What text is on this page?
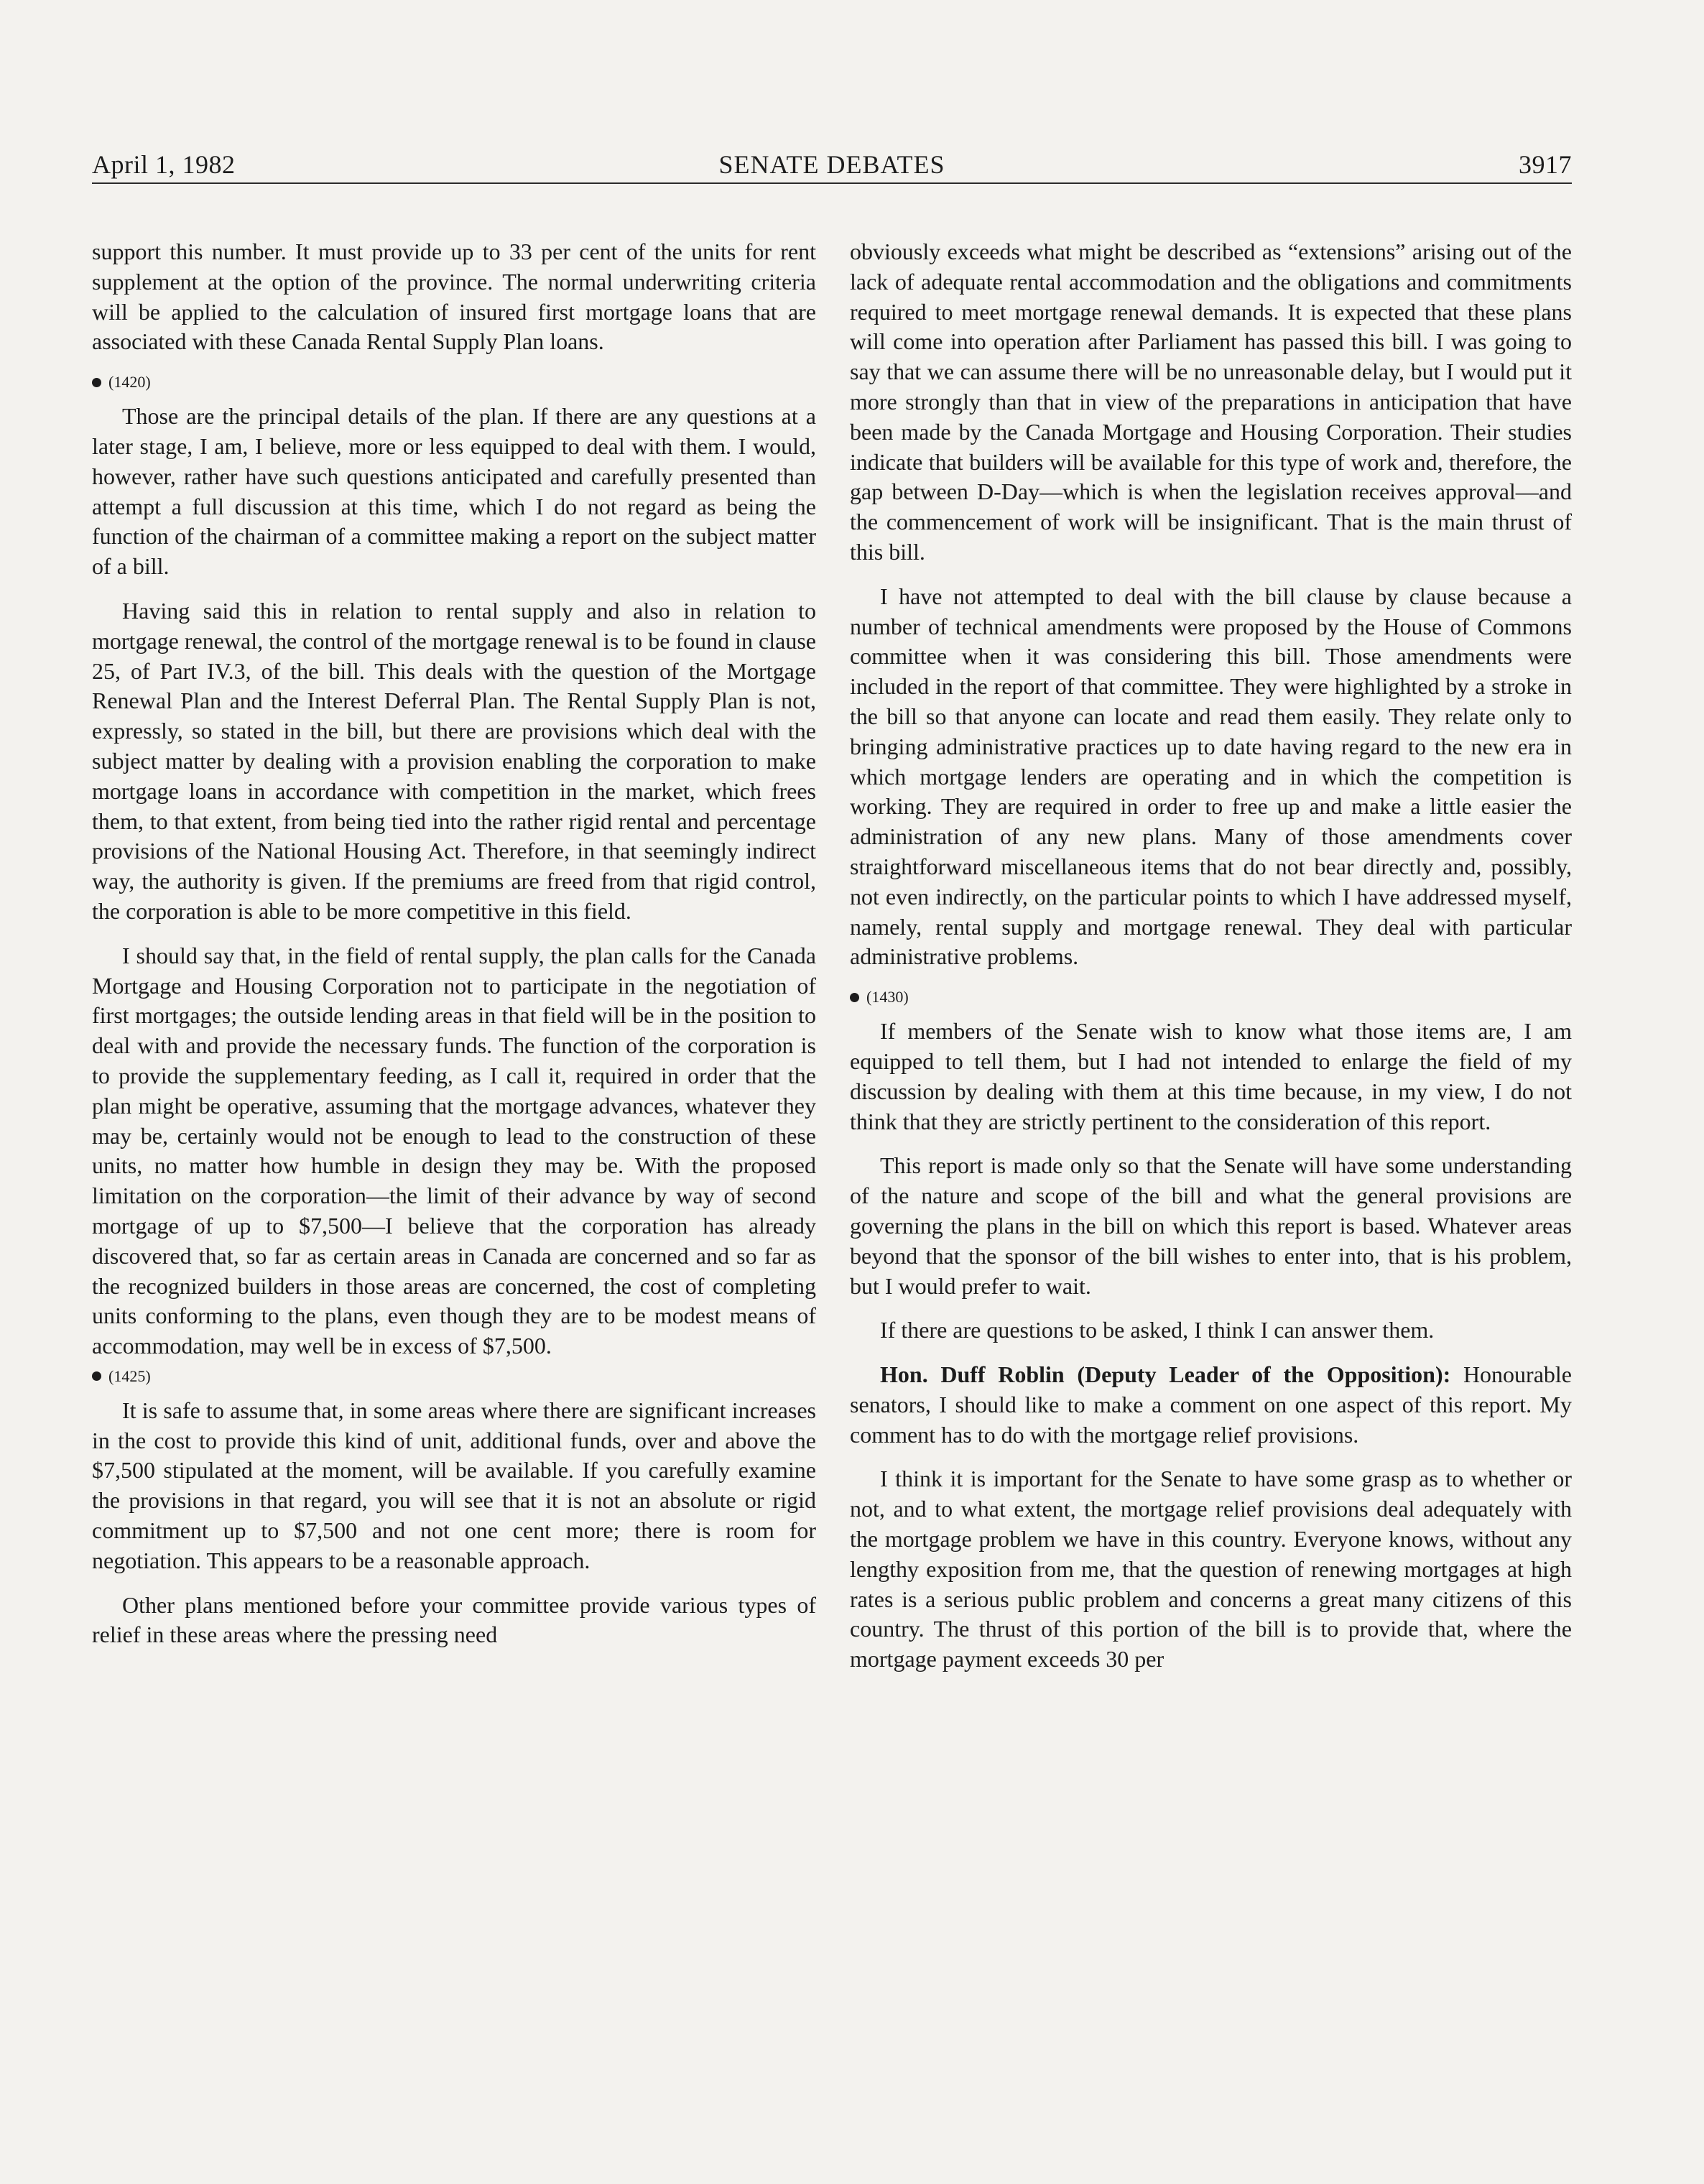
April 1, 1982	SENATE DEBATES	3917

support this number. It must provide up to 33 per cent of the units for rent supplement at the option of the province. The normal underwriting criteria will be applied to the calculation of insured first mortgage loans that are associated with these Canada Rental Supply Plan loans.

(1420)

Those are the principal details of the plan. If there are any questions at a later stage, I am, I believe, more or less equipped to deal with them. I would, however, rather have such questions anticipated and carefully presented than attempt a full discussion at this time, which I do not regard as being the function of the chairman of a committee making a report on the subject matter of a bill.

Having said this in relation to rental supply and also in relation to mortgage renewal, the control of the mortgage renewal is to be found in clause 25, of Part IV.3, of the bill. This deals with the question of the Mortgage Renewal Plan and the Interest Deferral Plan. The Rental Supply Plan is not, expressly, so stated in the bill, but there are provisions which deal with the subject matter by dealing with a provision enabling the corporation to make mortgage loans in accordance with competition in the market, which frees them, to that extent, from being tied into the rather rigid rental and percentage provisions of the National Housing Act. Therefore, in that seemingly indirect way, the authority is given. If the premiums are freed from that rigid control, the corporation is able to be more competitive in this field.

I should say that, in the field of rental supply, the plan calls for the Canada Mortgage and Housing Corporation not to participate in the negotiation of first mortgages; the outside lending areas in that field will be in the position to deal with and provide the necessary funds. The function of the corporation is to provide the supplementary feeding, as I call it, required in order that the plan might be operative, assuming that the mortgage advances, whatever they may be, certainly would not be enough to lead to the construction of these units, no matter how humble in design they may be. With the proposed limitation on the corporation—the limit of their advance by way of second mortgage of up to $7,500—I believe that the corporation has already discovered that, so far as certain areas in Canada are concerned and so far as the recognized builders in those areas are concerned, the cost of completing units conforming to the plans, even though they are to be modest means of accommodation, may well be in excess of $7,500.

(1425)

It is safe to assume that, in some areas where there are significant increases in the cost to provide this kind of unit, additional funds, over and above the $7,500 stipulated at the moment, will be available. If you carefully examine the provisions in that regard, you will see that it is not an absolute or rigid commitment up to $7,500 and not one cent more; there is room for negotiation. This appears to be a reasonable approach.

Other plans mentioned before your committee provide various types of relief in these areas where the pressing need

obviously exceeds what might be described as “extensions” arising out of the lack of adequate rental accommodation and the obligations and commitments required to meet mortgage renewal demands. It is expected that these plans will come into operation after Parliament has passed this bill. I was going to say that we can assume there will be no unreasonable delay, but I would put it more strongly than that in view of the preparations in anticipation that have been made by the Canada Mortgage and Housing Corporation. Their studies indicate that builders will be available for this type of work and, therefore, the gap between D-Day—which is when the legislation receives approval—and the commencement of work will be insignificant. That is the main thrust of this bill.

I have not attempted to deal with the bill clause by clause because a number of technical amendments were proposed by the House of Commons committee when it was considering this bill. Those amendments were included in the report of that committee. They were highlighted by a stroke in the bill so that anyone can locate and read them easily. They relate only to bringing administrative practices up to date having regard to the new era in which mortgage lenders are operating and in which the competition is working. They are required in order to free up and make a little easier the administration of any new plans. Many of those amendments cover straightforward miscellaneous items that do not bear directly and, possibly, not even indirectly, on the particular points to which I have addressed myself, namely, rental supply and mortgage renewal. They deal with particular administrative problems.

(1430)

If members of the Senate wish to know what those items are, I am equipped to tell them, but I had not intended to enlarge the field of my discussion by dealing with them at this time because, in my view, I do not think that they are strictly pertinent to the consideration of this report.

This report is made only so that the Senate will have some understanding of the nature and scope of the bill and what the general provisions are governing the plans in the bill on which this report is based. Whatever areas beyond that the sponsor of the bill wishes to enter into, that is his problem, but I would prefer to wait.

If there are questions to be asked, I think I can answer them.

Hon. Duff Roblin (Deputy Leader of the Opposition): Honourable senators, I should like to make a comment on one aspect of this report. My comment has to do with the mortgage relief provisions.

I think it is important for the Senate to have some grasp as to whether or not, and to what extent, the mortgage relief provisions deal adequately with the mortgage problem we have in this country. Everyone knows, without any lengthy exposition from me, that the question of renewing mortgages at high rates is a serious public problem and concerns a great many citizens of this country. The thrust of this portion of the bill is to provide that, where the mortgage payment exceeds 30 per
